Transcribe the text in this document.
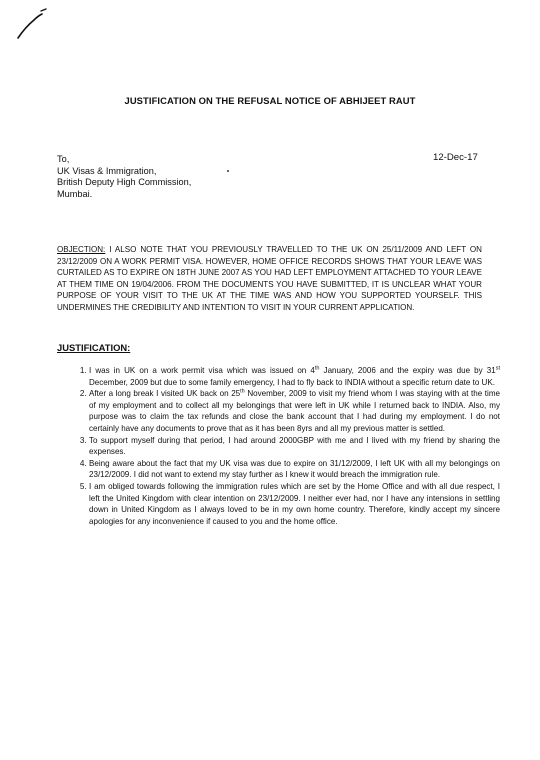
JUSTIFICATION ON THE REFUSAL NOTICE OF ABHIJEET RAUT
12-Dec-17
To,
UK Visas & Immigration,
British Deputy High Commission,
Mumbai.
OBJECTION: I ALSO NOTE THAT YOU PREVIOUSLY TRAVELLED TO THE UK ON 25/11/2009 AND LEFT ON 23/12/2009 ON A WORK PERMIT VISA. HOWEVER, HOME OFFICE RECORDS SHOWS THAT YOUR LEAVE WAS CURTAILED AS TO EXPIRE ON 18TH JUNE 2007 AS YOU HAD LEFT EMPLOYMENT ATTACHED TO YOUR LEAVE AT THEM TIME ON 19/04/2006. FROM THE DOCUMENTS YOU HAVE SUBMITTED, IT IS UNCLEAR WHAT YOUR PURPOSE OF YOUR VISIT TO THE UK AT THE TIME WAS AND HOW YOU SUPPORTED YOURSELF. THIS UNDERMINES THE CREDIBILITY AND INTENTION TO VISIT IN YOUR CURRENT APPLICATION.
JUSTIFICATION:
1. I was in UK on a work permit visa which was issued on 4th January, 2006 and the expiry was due by 31st December, 2009 but due to some family emergency, I had to fly back to INDIA without a specific return date to UK.
2. After a long break I visited UK back on 25th November, 2009 to visit my friend whom I was staying with at the time of my employment and to collect all my belongings that were left in UK while I returned back to INDIA. Also, my purpose was to claim the tax refunds and close the bank account that I had during my employment. I do not certainly have any documents to prove that as it has been 8yrs and all my previous matter is settled.
3. To support myself during that period, I had around 2000GBP with me and I lived with my friend by sharing the expenses.
4. Being aware about the fact that my UK visa was due to expire on 31/12/2009, I left UK with all my belongings on 23/12/2009. I did not want to extend my stay further as I knew it would breach the immigration rule.
5. I am obliged towards following the immigration rules which are set by the Home Office and with all due respect, I left the United Kingdom with clear intention on 23/12/2009. I neither ever had, nor I have any intensions in settling down in United Kingdom as I always loved to be in my own home country. Therefore, kindly accept my sincere apologies for any inconvenience if caused to you and the home office.
